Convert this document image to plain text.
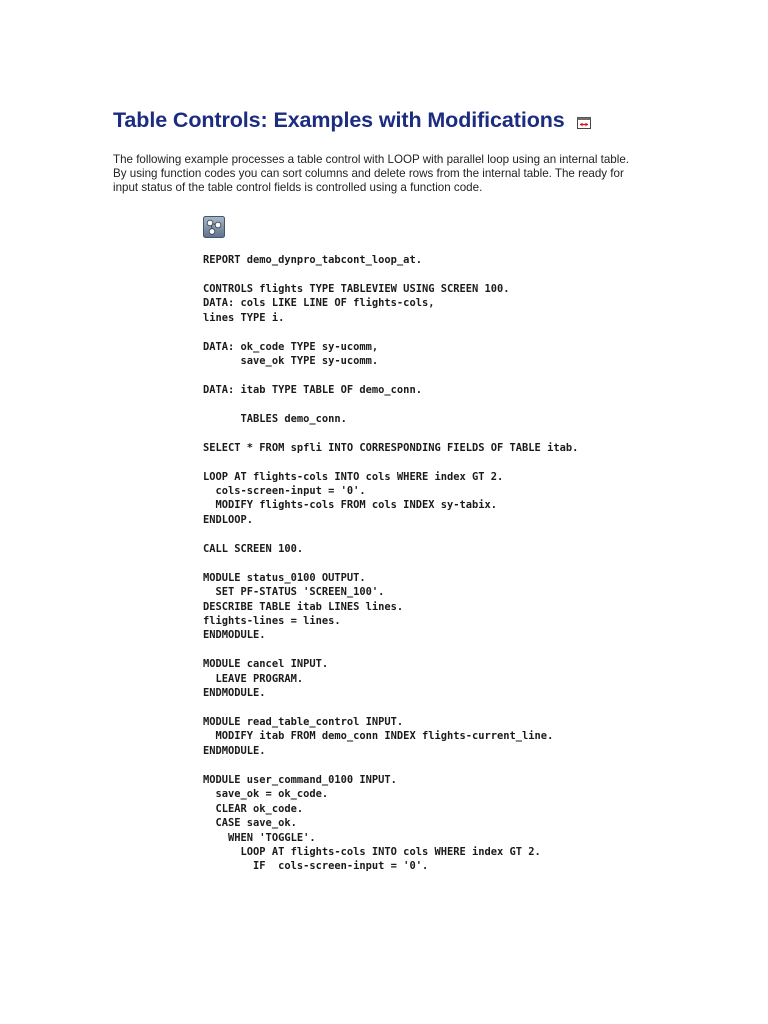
Table Controls: Examples with Modifications

The following example processes a table control with LOOP with parallel loop using an internal table. By using function codes you can sort columns and delete rows from the internal table. The ready for input status of the table control fields is controlled using a function code.

REPORT demo_dynpro_tabcont_loop_at.

CONTROLS flights TYPE TABLEVIEW USING SCREEN 100.
DATA: cols LIKE LINE OF flights-cols,
lines TYPE i.

DATA: ok_code TYPE sy-ucomm,
save_ok TYPE sy-ucomm.

DATA: itab TYPE TABLE OF demo_conn.

TABLES demo_conn.

SELECT * FROM spfli INTO CORRESPONDING FIELDS OF TABLE itab.

LOOP AT flights-cols INTO cols WHERE index GT 2.
cols-screen-input = '0'.
MODIFY flights-cols FROM cols INDEX sy-tabix.
ENDLOOP.

CALL SCREEN 100.

MODULE status_0100 OUTPUT.
SET PF-STATUS 'SCREEN_100'.
DESCRIBE TABLE itab LINES lines.
flights-lines = lines.
ENDMODULE.

MODULE cancel INPUT.
LEAVE PROGRAM.
ENDMODULE.

MODULE read_table_control INPUT.
MODIFY itab FROM demo_conn INDEX flights-current_line.
ENDMODULE.

MODULE user_command_0100 INPUT.
save_ok = ok_code.
CLEAR ok_code.
CASE save_ok.
WHEN 'TOGGLE'.
LOOP AT flights-cols INTO cols WHERE index GT 2.
IF  cols-screen-input = '0'.
